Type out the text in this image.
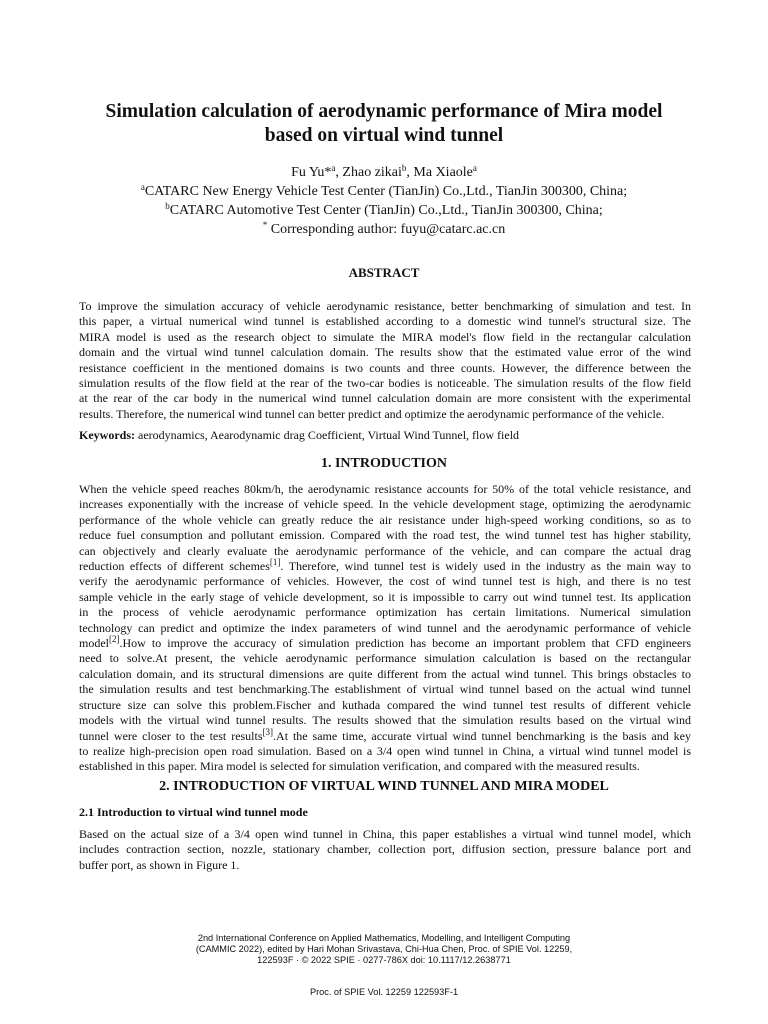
Simulation calculation of aerodynamic performance of Mira model
based on virtual wind tunnel
Fu Yu*$^a$, Zhao zikai$^b$, Ma Xiaole$^a$
$^a$CATARC New Energy Vehicle Test Center (TianJin) Co.,Ltd., TianJin 300300, China;
$^b$CATARC Automotive Test Center (TianJin) Co.,Ltd., TianJin 300300, China;
* Corresponding author: fuyu@catarc.ac.cn
ABSTRACT
To improve the simulation accuracy of vehicle aerodynamic resistance, better benchmarking of simulation and test. In
this paper, a virtual numerical wind tunnel is established according to a domestic wind tunnel's structural size. The
MIRA model is used as the research object to simulate the MIRA model's flow field in the rectangular calculation
domain and the virtual wind tunnel calculation domain. The results show that the estimated value error of the wind
resistance coefficient in the mentioned domains is two counts and three counts. However, the difference between the
simulation results of the flow field at the rear of the two-car bodies is noticeable. The simulation results of the flow field
at the rear of the car body in the numerical wind tunnel calculation domain are more consistent with the experimental
results. Therefore, the numerical wind tunnel can better predict and optimize the aerodynamic performance of the vehicle.
Keywords: aerodynamics, Aearodynamic drag Coefficient, Virtual Wind Tunnel, flow field
1. INTRODUCTION
When the vehicle speed reaches 80km/h, the aerodynamic resistance accounts for 50% of the total vehicle resistance, and
increases exponentially with the increase of vehicle speed. In the vehicle development stage, optimizing the aerodynamic
performance of the whole vehicle can greatly reduce the air resistance under high-speed working conditions, so as to
reduce fuel consumption and pollutant emission. Compared with the road test, the wind tunnel test has higher stability,
can objectively and clearly evaluate the aerodynamic performance of the vehicle, and can compare the actual drag
reduction effects of different schemes[1]. Therefore, wind tunnel test is widely used in the industry as the main way to
verify the aerodynamic performance of vehicles. However, the cost of wind tunnel test is high, and there is no test
sample vehicle in the early stage of vehicle development, so it is impossible to carry out wind tunnel test. Its application
in the process of vehicle aerodynamic performance optimization has certain limitations. Numerical simulation
technology can predict and optimize the index parameters of wind tunnel and the aerodynamic performance of vehicle
model[2].How to improve the accuracy of simulation prediction has become an important problem that CFD engineers
need to solve.At present, the vehicle aerodynamic performance simulation calculation is based on the rectangular
calculation domain, and its structural dimensions are quite different from the actual wind tunnel. This brings obstacles to
the simulation results and test benchmarking.The establishment of virtual wind tunnel based on the actual wind tunnel
structure size can solve this problem.Fischer and kuthada compared the wind tunnel test results of different vehicle
models with the virtual wind tunnel results. The results showed that the simulation results based on the virtual wind
tunnel were closer to the test results[3].At the same time, accurate virtual wind tunnel benchmarking is the basis and key
to realize high-precision open road simulation. Based on a 3/4 open wind tunnel in China, a virtual wind tunnel model is
established in this paper. Mira model is selected for simulation verification, and compared with the measured results.
2. INTRODUCTION OF VIRTUAL WIND TUNNEL AND MIRA MODEL
2.1 Introduction to virtual wind tunnel mode
Based on the actual size of a 3/4 open wind tunnel in China, this paper establishes a virtual wind tunnel model, which
includes contraction section, nozzle, stationary chamber, collection port, diffusion section, pressure balance port and
buffer port, as shown in Figure 1.
2nd International Conference on Applied Mathematics, Modelling, and Intelligent Computing
(CAMMIC 2022), edited by Hari Mohan Srivastava, Chi-Hua Chen, Proc. of SPIE Vol. 12259,
122593F · © 2022 SPIE · 0277-786X doi: 10.1117/12.2638771
Proc. of SPIE Vol. 12259 122593F-1
